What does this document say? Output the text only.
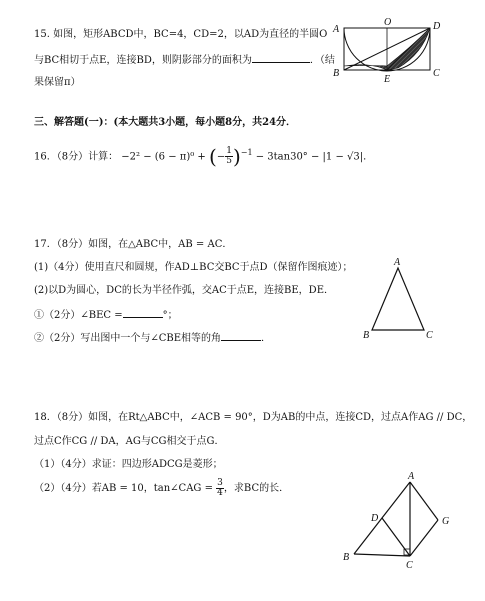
15. 如图，矩形ABCD中，BC=4，CD=2，以AD为直径的半圆O
与BC相切于点E，连接BD，则阴影部分的面积为	．（结
果保留π）
A
O	D
B
E
C
三、解答题(一)：(本大题共3小题，每小题8分，共24分．
16．（8分）计算： −2² − (6 − π)⁰ + (− $\frac{1}{5} )^{-1} - 3\tan 30^\circ - |1 - √3|$．
17．（8分）如图，在△ABC中，AB = AC．
(1)（4分）使用直尺和圆规，作AD⊥BC交BC于点D（保留作图痕迹）；
(2)以D为圆心，DC的长为半径作弧，交AC于点E，连接BE，DE．
①（2分）∠BEC =	°；
②（2分）写出图中一个与∠CBE相等的角	．
A
B	C
18．（8分）如图，在Rt△ABC中，∠ACB = 90°，D为AB的中点，连接CD，过点A作AG // DC，
过点C作CG // DA，AG与CG相交于点G．
（1）（4分）求证：四边形ADCG是菱形；
（2）（4分）若AB = 10，tan∠CAG = $\frac{3}{4}$ ，求BC的长．
A
D	G
B
C
